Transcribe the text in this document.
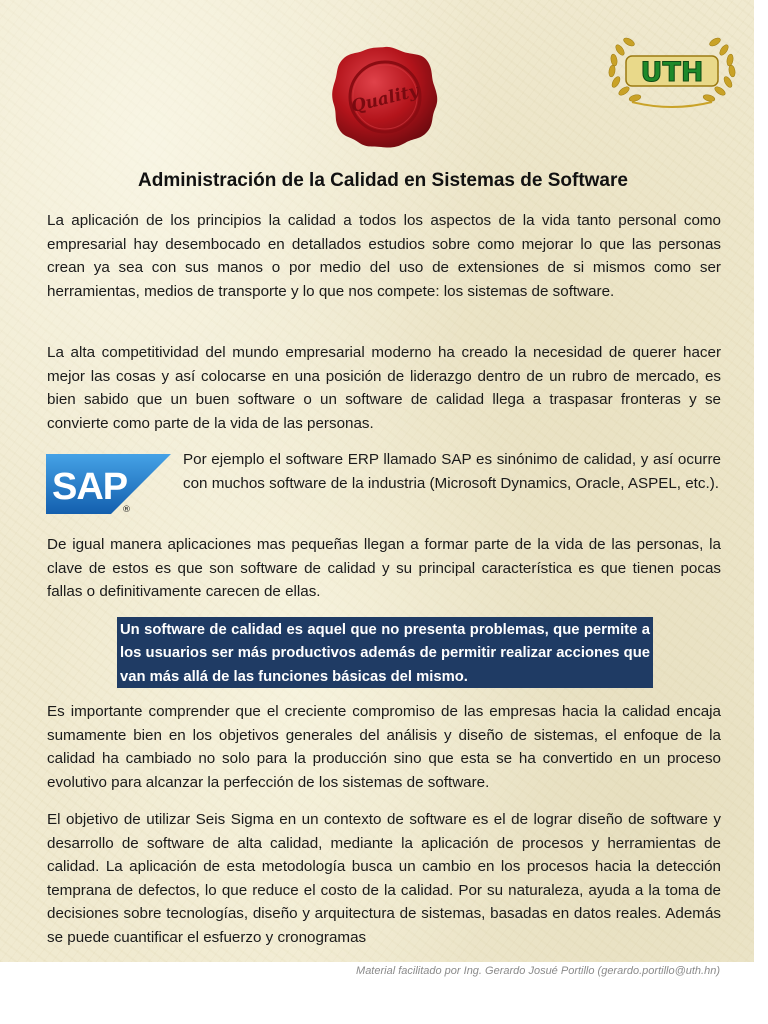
Quality
UTH
Administración de la Calidad en Sistemas de Software

La aplicación de los principios la calidad a todos los aspectos de la vida tanto personal como empresarial hay desembocado en detallados estudios sobre como mejorar lo que las personas crean ya sea con sus manos o por medio del uso de extensiones de si mismos como ser herramientas, medios de transporte y lo que nos compete: los sistemas de software.

La alta competitividad del mundo empresarial moderno ha creado la necesidad de querer hacer mejor las cosas y así colocarse en una posición de liderazgo dentro de un rubro de mercado, es bien sabido que un buen software o un software de calidad llega a traspasar fronteras y se convierte como parte de la vida de las personas.

SAP
®

Por ejemplo el software ERP llamado SAP es sinónimo de calidad, y así ocurre con muchos software de la industria (Microsoft Dynamics, Oracle, ASPEL, etc.).

De igual manera aplicaciones mas pequeñas llegan a formar parte de la vida de las personas, la clave de estos es que son software de calidad y su principal característica es que tienen pocas fallas o definitivamente carecen de ellas.

Un software de calidad es aquel que no presenta problemas, que permite a los usuarios ser más productivos además de permitir realizar acciones que van más allá de las funciones básicas del mismo.

Es importante comprender que el creciente compromiso de las empresas hacia la calidad encaja sumamente bien en los objetivos generales del análisis y diseño de sistemas, el enfoque de la calidad ha cambiado no solo para la producción sino que esta se ha convertido en un proceso evolutivo para alcanzar la perfección de los sistemas de software.

El objetivo de utilizar Seis Sigma en un contexto de software es el de lograr diseño de software y desarrollo de software de alta calidad, mediante la aplicación de procesos y herramientas de calidad. La aplicación de esta metodología busca un cambio en los procesos hacia la detección temprana de defectos, lo que reduce el costo de la calidad. Por su naturaleza, ayuda a la toma de decisiones sobre tecnologías, diseño y arquitectura de sistemas, basadas en datos reales. Además se puede cuantificar el esfuerzo y cronogramas

Material facilitado por Ing. Gerardo Josué Portillo (gerardo.portillo@uth.hn)
